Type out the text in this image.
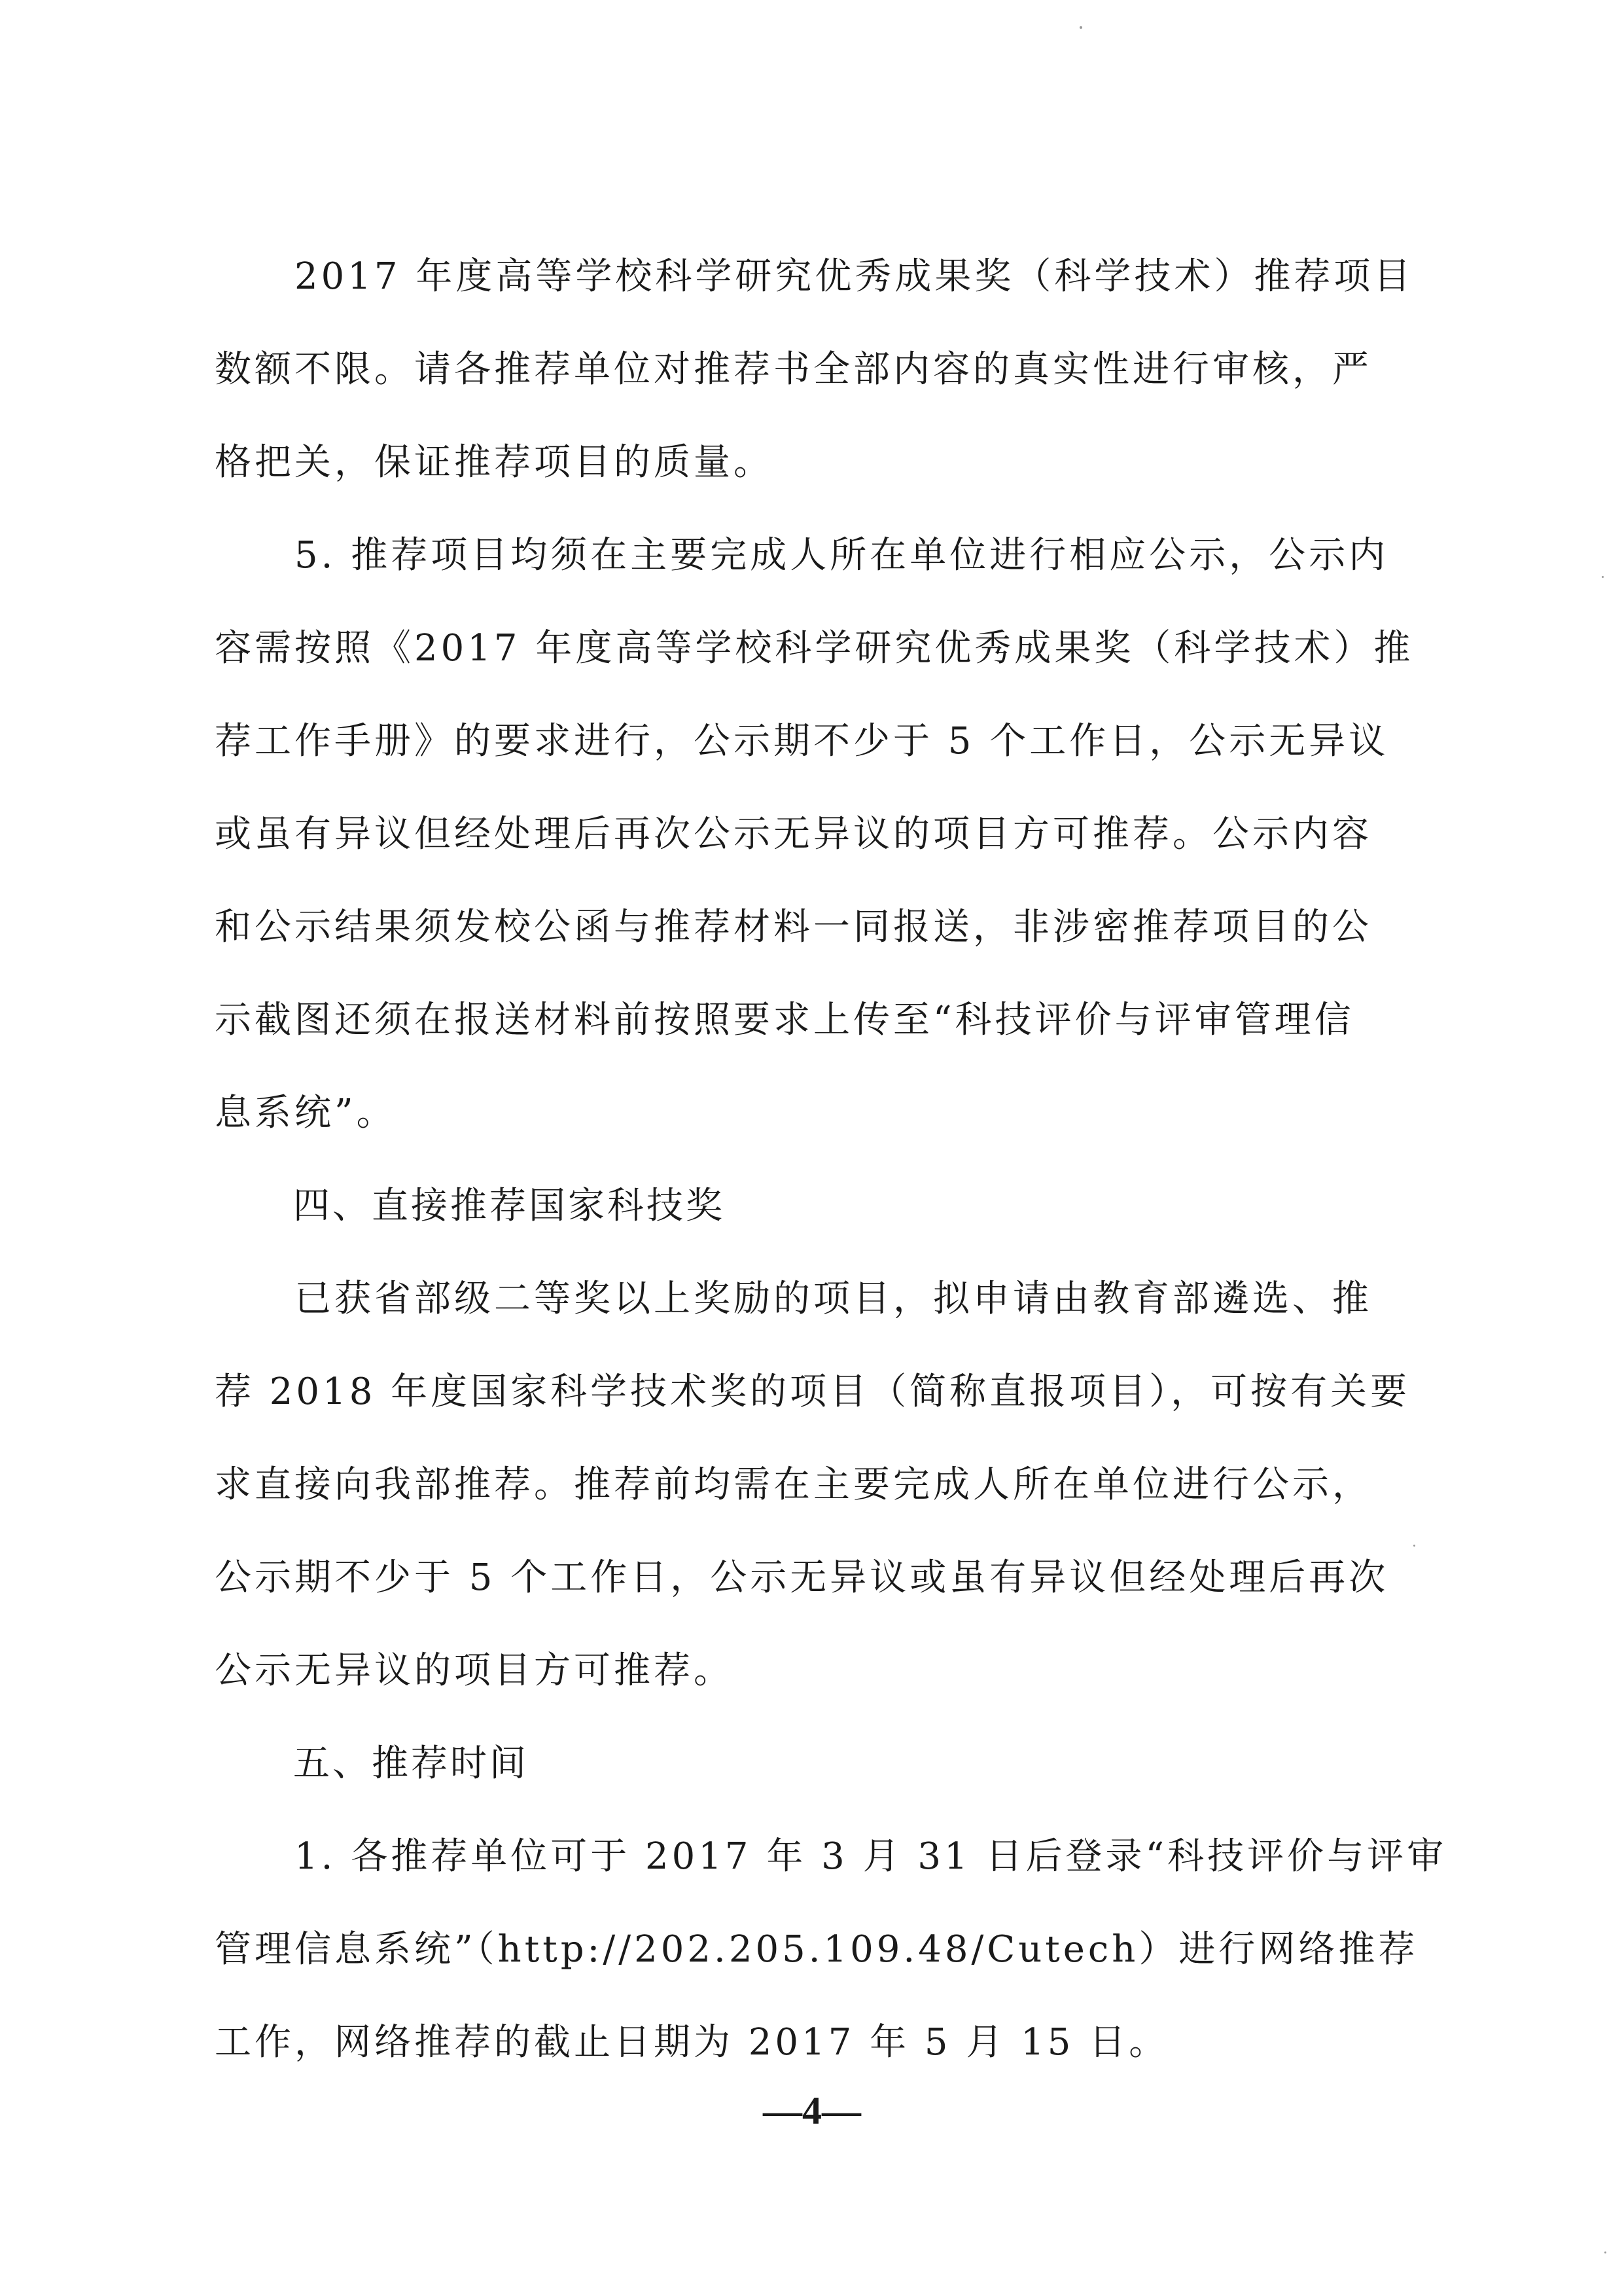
　　2017 年度高等学校科学研究优秀成果奖（科学技术）推荐项目
数额不限。请各推荐单位对推荐书全部内容的真实性进行审核，严
格把关，保证推荐项目的质量。
　　5. 推荐项目均须在主要完成人所在单位进行相应公示，公示内
容需按照《2017 年度高等学校科学研究优秀成果奖（科学技术）推
荐工作手册》的要求进行，公示期不少于 5 个工作日，公示无异议
或虽有异议但经处理后再次公示无异议的项目方可推荐。公示内容
和公示结果须发校公函与推荐材料一同报送，非涉密推荐项目的公
示截图还须在报送材料前按照要求上传至“科技评价与评审管理信
息系统”。
　　四、直接推荐国家科技奖
　　已获省部级二等奖以上奖励的项目，拟申请由教育部遴选、推
荐 2018 年度国家科学技术奖的项目（简称直报项目），可按有关要
求直接向我部推荐。推荐前均需在主要完成人所在单位进行公示，
公示期不少于 5 个工作日，公示无异议或虽有异议但经处理后再次
公示无异议的项目方可推荐。
　　五、推荐时间
　　1. 各推荐单位可于 2017 年 3 月 31 日后登录“科技评价与评审
管理信息系统”（http://202.205.109.48/Cutech）进行网络推荐
工作，网络推荐的截止日期为 2017 年 5 月 15 日。
—4—
